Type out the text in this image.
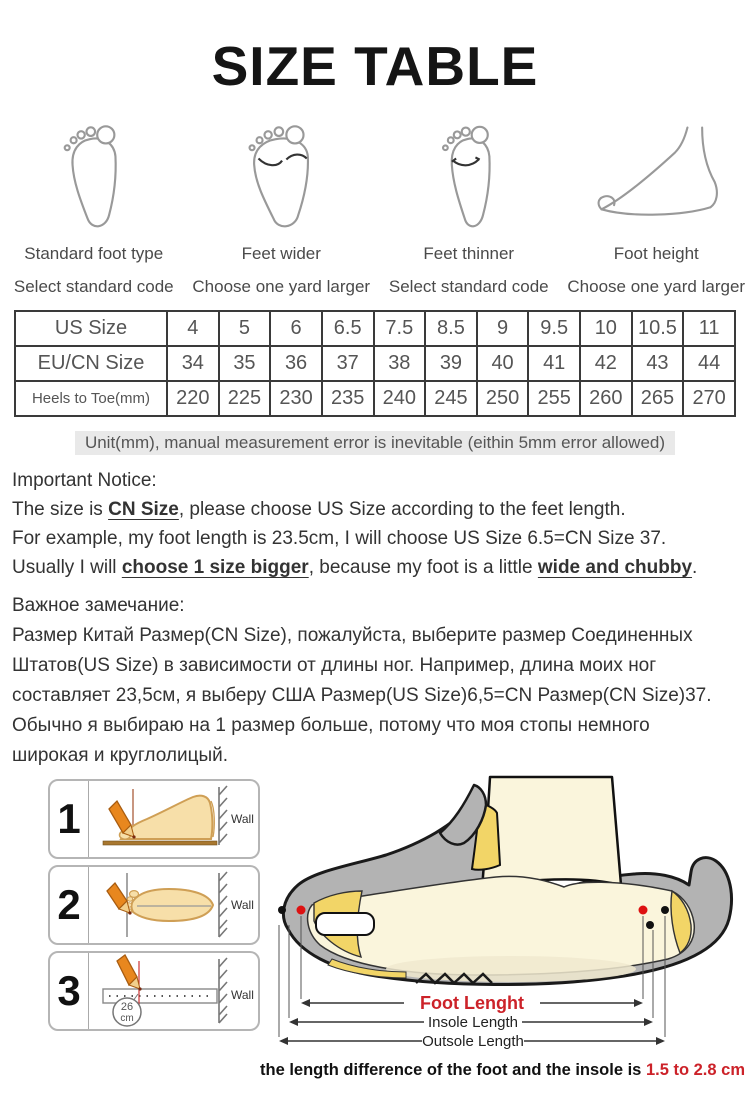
SIZE TABLE
Standard foot type
Select standard code
Feet wider
Choose one yard larger
Feet thinner
Select standard code
Foot height
Choose one yard larger
US Size	4	5	6	6.5	7.5	8.5	9	9.5	10	10.5	11
EU/CN Size	34	35	36	37	38	39	40	41	42	43	44
Heels to Toe(mm)	220	225	230	235	240	245	250	255	260	265	270
Unit(mm), manual measurement error is inevitable (eithin 5mm error allowed)
Important Notice:
The size is CN Size, please choose US Size according to the feet length.
For example, my foot length is 23.5cm, I will choose US Size 6.5=CN Size 37.
Usually I will choose 1 size bigger, because my foot is a little wide and chubby.
Важное замечание:
Размер Китай Размер(CN Size), пожалуйста, выберите размер Соединенных
Штатов(US Size) в зависимости от длины ног. Например, длина моих ног
составляет 23,5см, я выберу США Размер(US Size)6,5=CN Размер(CN Size)37.
Обычно я выбираю на 1 размер больше, потому что моя стопы немного
широкая и круглолицый.
1	Wall
2	Wall
3	26
cm
Wall	Foot Lenght
Insole Length
Outsole Length
the length difference of the foot and the insole is 1.5 to 2.8 cm
